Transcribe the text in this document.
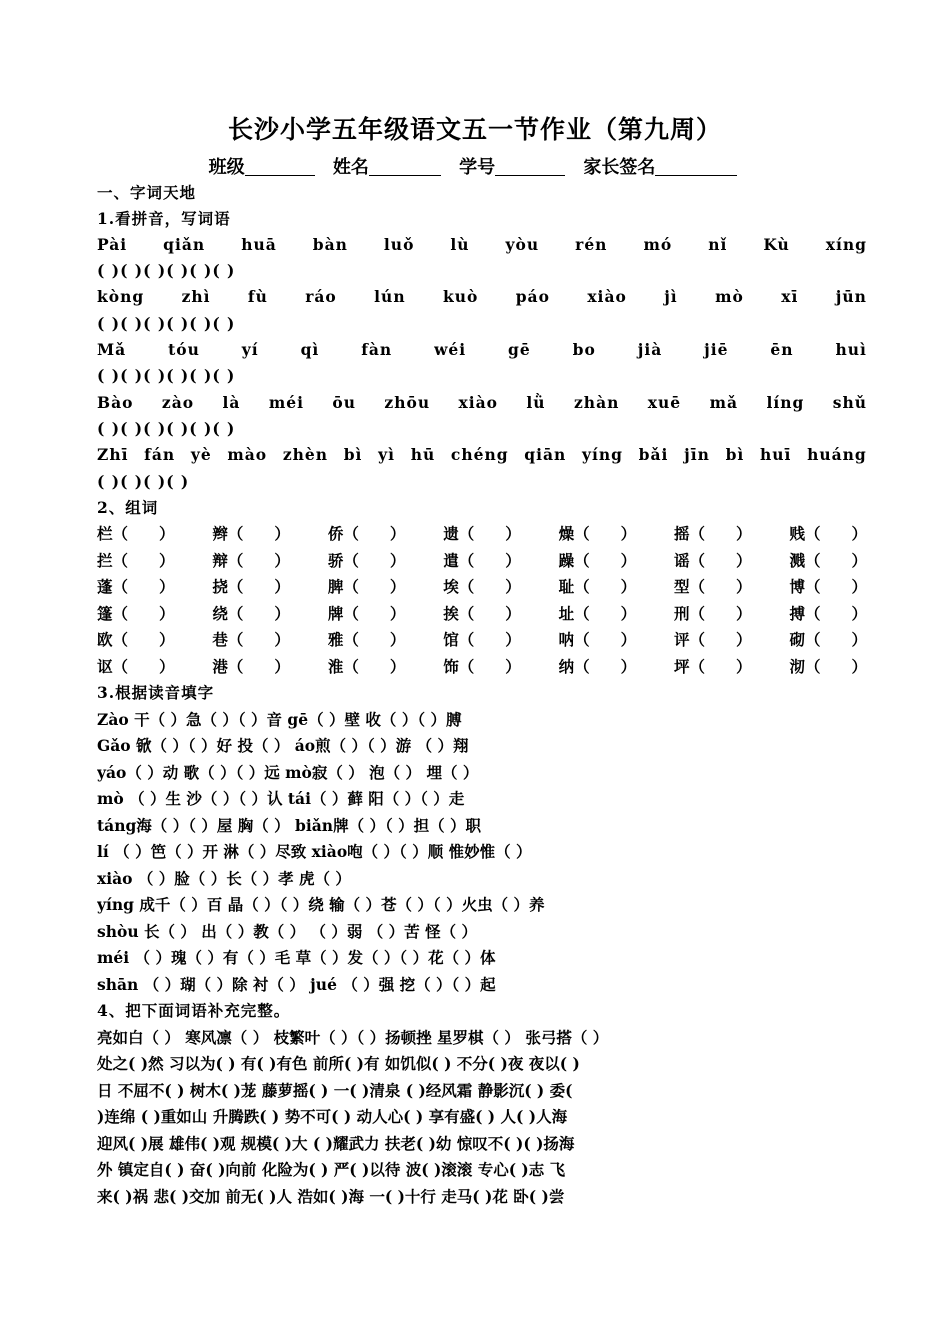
长沙小学五年级语文五一节作业（第九周）
班级	姓名	学号	家长签名
一、字词天地
1.看拼音，写词语
Pài qiǎn huā bàn luǒ lù yòu rén mó nǐ Kù xíng
( )( )( )( )( )( )
kòng zhì fù ráo lún kuò páo xiào jì mò xī jūn
( )( )( )( )( )( )
Mǎ	tóu	yí	qì	fàn	wéi	gē	bo	jià	jiē	ēn	huì
( )( )( )( )( )( )
Bào zào là méi ōu zhōu xiào lǜ zhàn xuē mǎ líng shǔ
( )( )( )( )( )( )
Zhī fán yè mào zhèn bì yì hū chéng qiān yíng bǎi jīn bì huī huáng
( )( )( )( )
2、组词
栏（　　） 辫（　　） 侨（　　） 遗（　　） 燥（　　） 摇（　　） 贱（　　）
拦（　　） 辩（　　） 骄（　　） 遣（　　） 躁（　　） 谣（　　） 溅（　　）
蓬（　　） 挠（　　） 脾（　　） 埃（　　） 耻（　　） 型（　　） 博（　　）
篷（　　） 绕（　　） 牌（　　） 挨（　　） 址（　　） 刑（　　） 搏（　　）
欧（　　） 巷（　　） 雅（　　） 馆（　　） 呐（　　） 评（　　） 砌（　　）
讴（　　） 港（　　） 淮（　　） 饰（　　） 纳（　　） 坪（　　） 沏（　　）
3.根据读音填字
Zào 干（ ）急（ ）（ ）音 gē（ ）壁 收（ ）（ ）膊
Gǎo 锨（ ）（ ）好 投（ ） áo煎（ ）（ ）游 （ ）翔
yáo（ ）动 歌（ ）（ ）远 mò寂（ ） 泡（ ） 埋（ ）
mò （ ）生 沙（ ）（ ）认 tái（ ）藓 阳（ ）（ ）走
táng海（ ）（ ）屋 胸（ ） biǎn牌（ ）（ ）担（ ）职
lí （ ）笆（ ）开 淋（ ）尽致 xiào咆（ ）（ ）顺 惟妙惟（ ）
xiào （ ）脸（ ）长（ ）孝 虎（ ）
yíng 成千（ ）百 晶（ ）（ ）绕 输（ ）苍（ ）（ ）火虫（ ）养
shòu 长（ ） 出（ ）教（ ） （ ）弱 （ ）苦 怪（ ）
méi （ ）瑰（ ）有（ ）毛 草（ ）发（ ）（ ）花（ ）体
shān （ ）瑚（ ）除 衬（ ） jué （ ）强 挖（ ）（ ）起
4、把下面词语补充完整。
亮如白（ ） 寒风凛（ ） 枝繁叶（ ）（ ）扬顿挫 星罗棋（ ） 张弓搭（ ）
处之( )然 习以为( ) 有( )有色 前所( )有 如饥似( ) 不分( )夜 夜以( )
日 不屈不( ) 树木( )茏 藤萝摇( ) 一( )清泉 ( )经风霜 静影沉( ) 委(
)连绵 ( )重如山 升腾跌( ) 势不可( ) 动人心( ) 享有盛( ) 人( )人海
迎风( )展 雄伟( )观 规模( )大 ( )耀武力 扶老( )幼 惊叹不( )( )扬海
外 镇定自( ) 奋( )向前 化险为( ) 严( )以待 波( )滚滚 专心( )志 飞
来( )祸 悲( )交加 前无( )人 浩如( )海 一( )十行 走马( )花 卧( )尝
